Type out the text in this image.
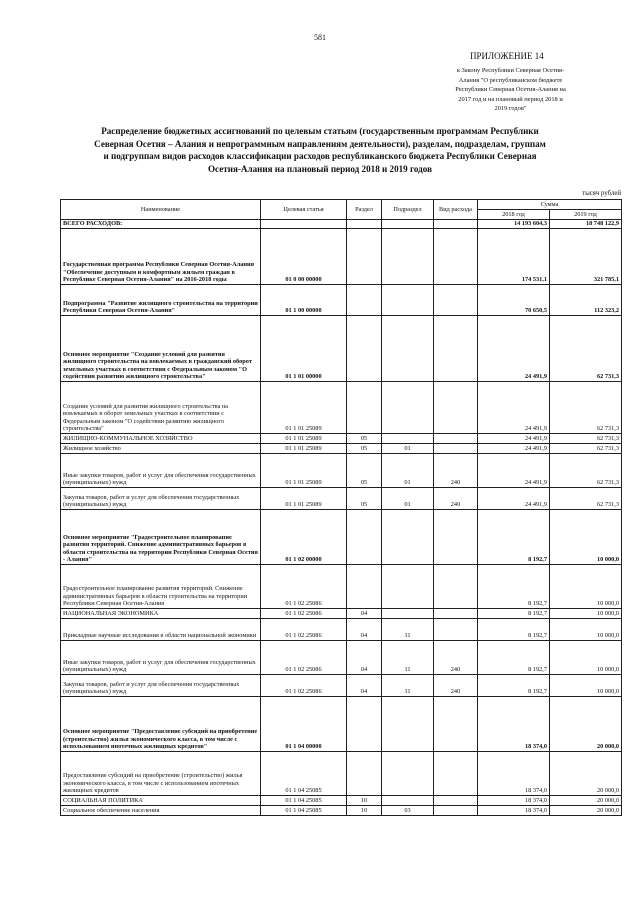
581
ПРИЛОЖЕНИЕ 14
к Закону Республики Северная Осетия-
Алания "О республиканском бюджете
Республики Северная Осетия-Алания на
2017 год и на плановый период 2018 и
2019 годов"
Распределение бюджетных ассигнований по целевым статьям (государственным программам Республики
Северная Осетия – Алания и непрограммным направлениям деятельности), разделам, подразделам, группам
и подгруппам видов расходов классификации расходов республиканского бюджета Республики Северная
Осетия-Алания на плановый период 2018 и 2019 годов
тысяч рублей
Наименование	Целевая статья	Раздел	Подраздел	Вид расхода	Сумма	
					2018 год	2019 год
ВСЕГО РАСХОДОВ:					14 193 604,3	18 748 122,9
Государственная программа Республики Северная Осетия-Алания "Обеспечение доступным и комфортным жильем граждан в Республике Северная Осетия-Алания" на 2016-2018 годы	01 0 00 00000				174 531,1	321 785,1
Подпрограмма "Развитие жилищного строительства на территории Республики Северная Осетия-Алания"	01 1 00 00000				70 650,5	112 323,2
Основное мероприятие "Создание условий для развития жилищного строительства на вовлекаемых в гражданский оборот земельных участках в соответствии с Федеральным законом "О содействии развитию жилищного строительства"	01 1 01 00000				24 491,9	62 731,3
Создание условий для развития жилищного строительства на вовлекаемых в оборот земельных участках в соответствии с Федеральным законом "О содействии развитию жилищного строительства"	01 1 01 25089				24 491,9	62 731,3
ЖИЛИЩНО-КОММУНАЛЬНОЕ ХОЗЯЙСТВО	01 1 01 25089	05			24 491,9	62 731,3
Жилищное хозяйство	01 1 01 25089	05	01		24 491,9	62 731,3
Иные закупки товаров, работ и услуг для обеспечения государственных (муниципальных) нужд	01 1 01 25089	05	01	240	24 491,9	62 731,3
Закупка товаров, работ и услуг для обеспечения государственных (муниципальных) нужд	01 1 01 25089	05	01	240	24 491,9	62 731,3
Основное мероприятие "Градостроительное планирование развития территорий. Снижение административных барьеров в области строительства на территории Республики Северная Осетия - Алания"	01 1 02 00000				8 192,7	10 000,0
Градостроительное планирование развития территорий. Снижение административных барьеров в области строительства на территории Республики Северная Осетия-Алания	01 1 02 25086				8 192,7	10 000,0
НАЦИОНАЛЬНАЯ ЭКОНОМИКА	01 1 02 25086	04			8 192,7	10 000,0
Прикладные научные исследования в области национальной экономики	01 1 02 25086	04	11		8 192,7	10 000,0
Иные закупки товаров, работ и услуг для обеспечения государственных (муниципальных) нужд	01 1 02 25086	04	11	240	8 192,7	10 000,0
Закупка товаров, работ и услуг для обеспечения государственных (муниципальных) нужд	01 1 02 25086	04	11	240	8 192,7	10 000,0
Основное мероприятие "Предоставление субсидий на приобретение (строительство) жилья экономического класса, в том числе с использованием ипотечных жилищных кредитов"	01 1 04 00000				18 374,0	20 000,0
Предоставление субсидий на приобретение (строительство) жилья экономического класса, в том числе с использованием ипотечных жилищных кредитов	01 1 04 25085				18 374,0	20 000,0
СОЦИАЛЬНАЯ ПОЛИТИКА	01 1 04 25085	10			18 374,0	20 000,0
Социальное обеспечение населения	01 1 04 25085	10	03		18 374,0	20 000,0
